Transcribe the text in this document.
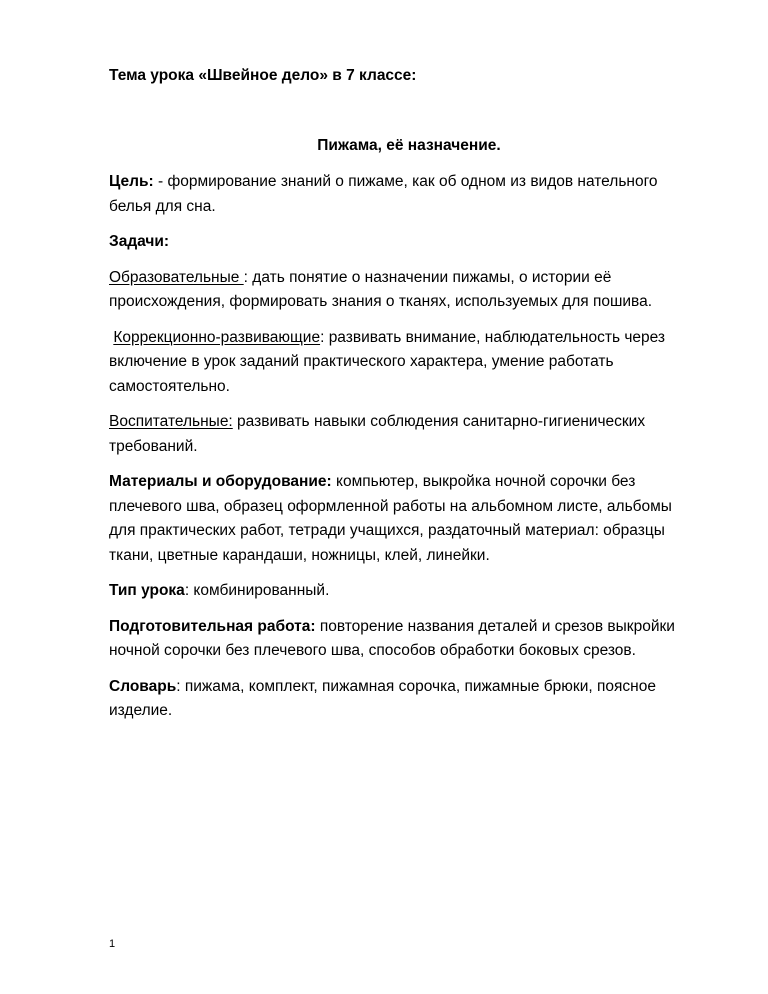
Тема урока «Швейное дело» в 7 классе:
Пижама, её назначение.
Цель: - формирование знаний о пижаме, как об одном из видов нательного
белья для сна.
Задачи:
Образовательные : дать понятие о назначении пижамы, о истории её
происхождения, формировать знания о тканях, используемых для пошива.
Коррекционно-развивающие: развивать внимание, наблюдательность через
включение в урок заданий практического характера, умение работать
самостоятельно.
Воспитательные: развивать навыки соблюдения санитарно-гигиенических
требований.
Материалы и оборудование: компьютер, выкройка ночной сорочки без
плечевого шва, образец оформленной работы на альбомном листе, альбомы
для практических работ, тетради учащихся, раздаточный материал: образцы
ткани, цветные карандаши, ножницы, клей, линейки.
Тип урока: комбинированный.
Подготовительная работа: повторение названия деталей и срезов выкройки
ночной сорочки без плечевого шва, способов обработки боковых срезов.
Словарь: пижама, комплект, пижамная сорочка, пижамные брюки, поясное
изделие.
1
